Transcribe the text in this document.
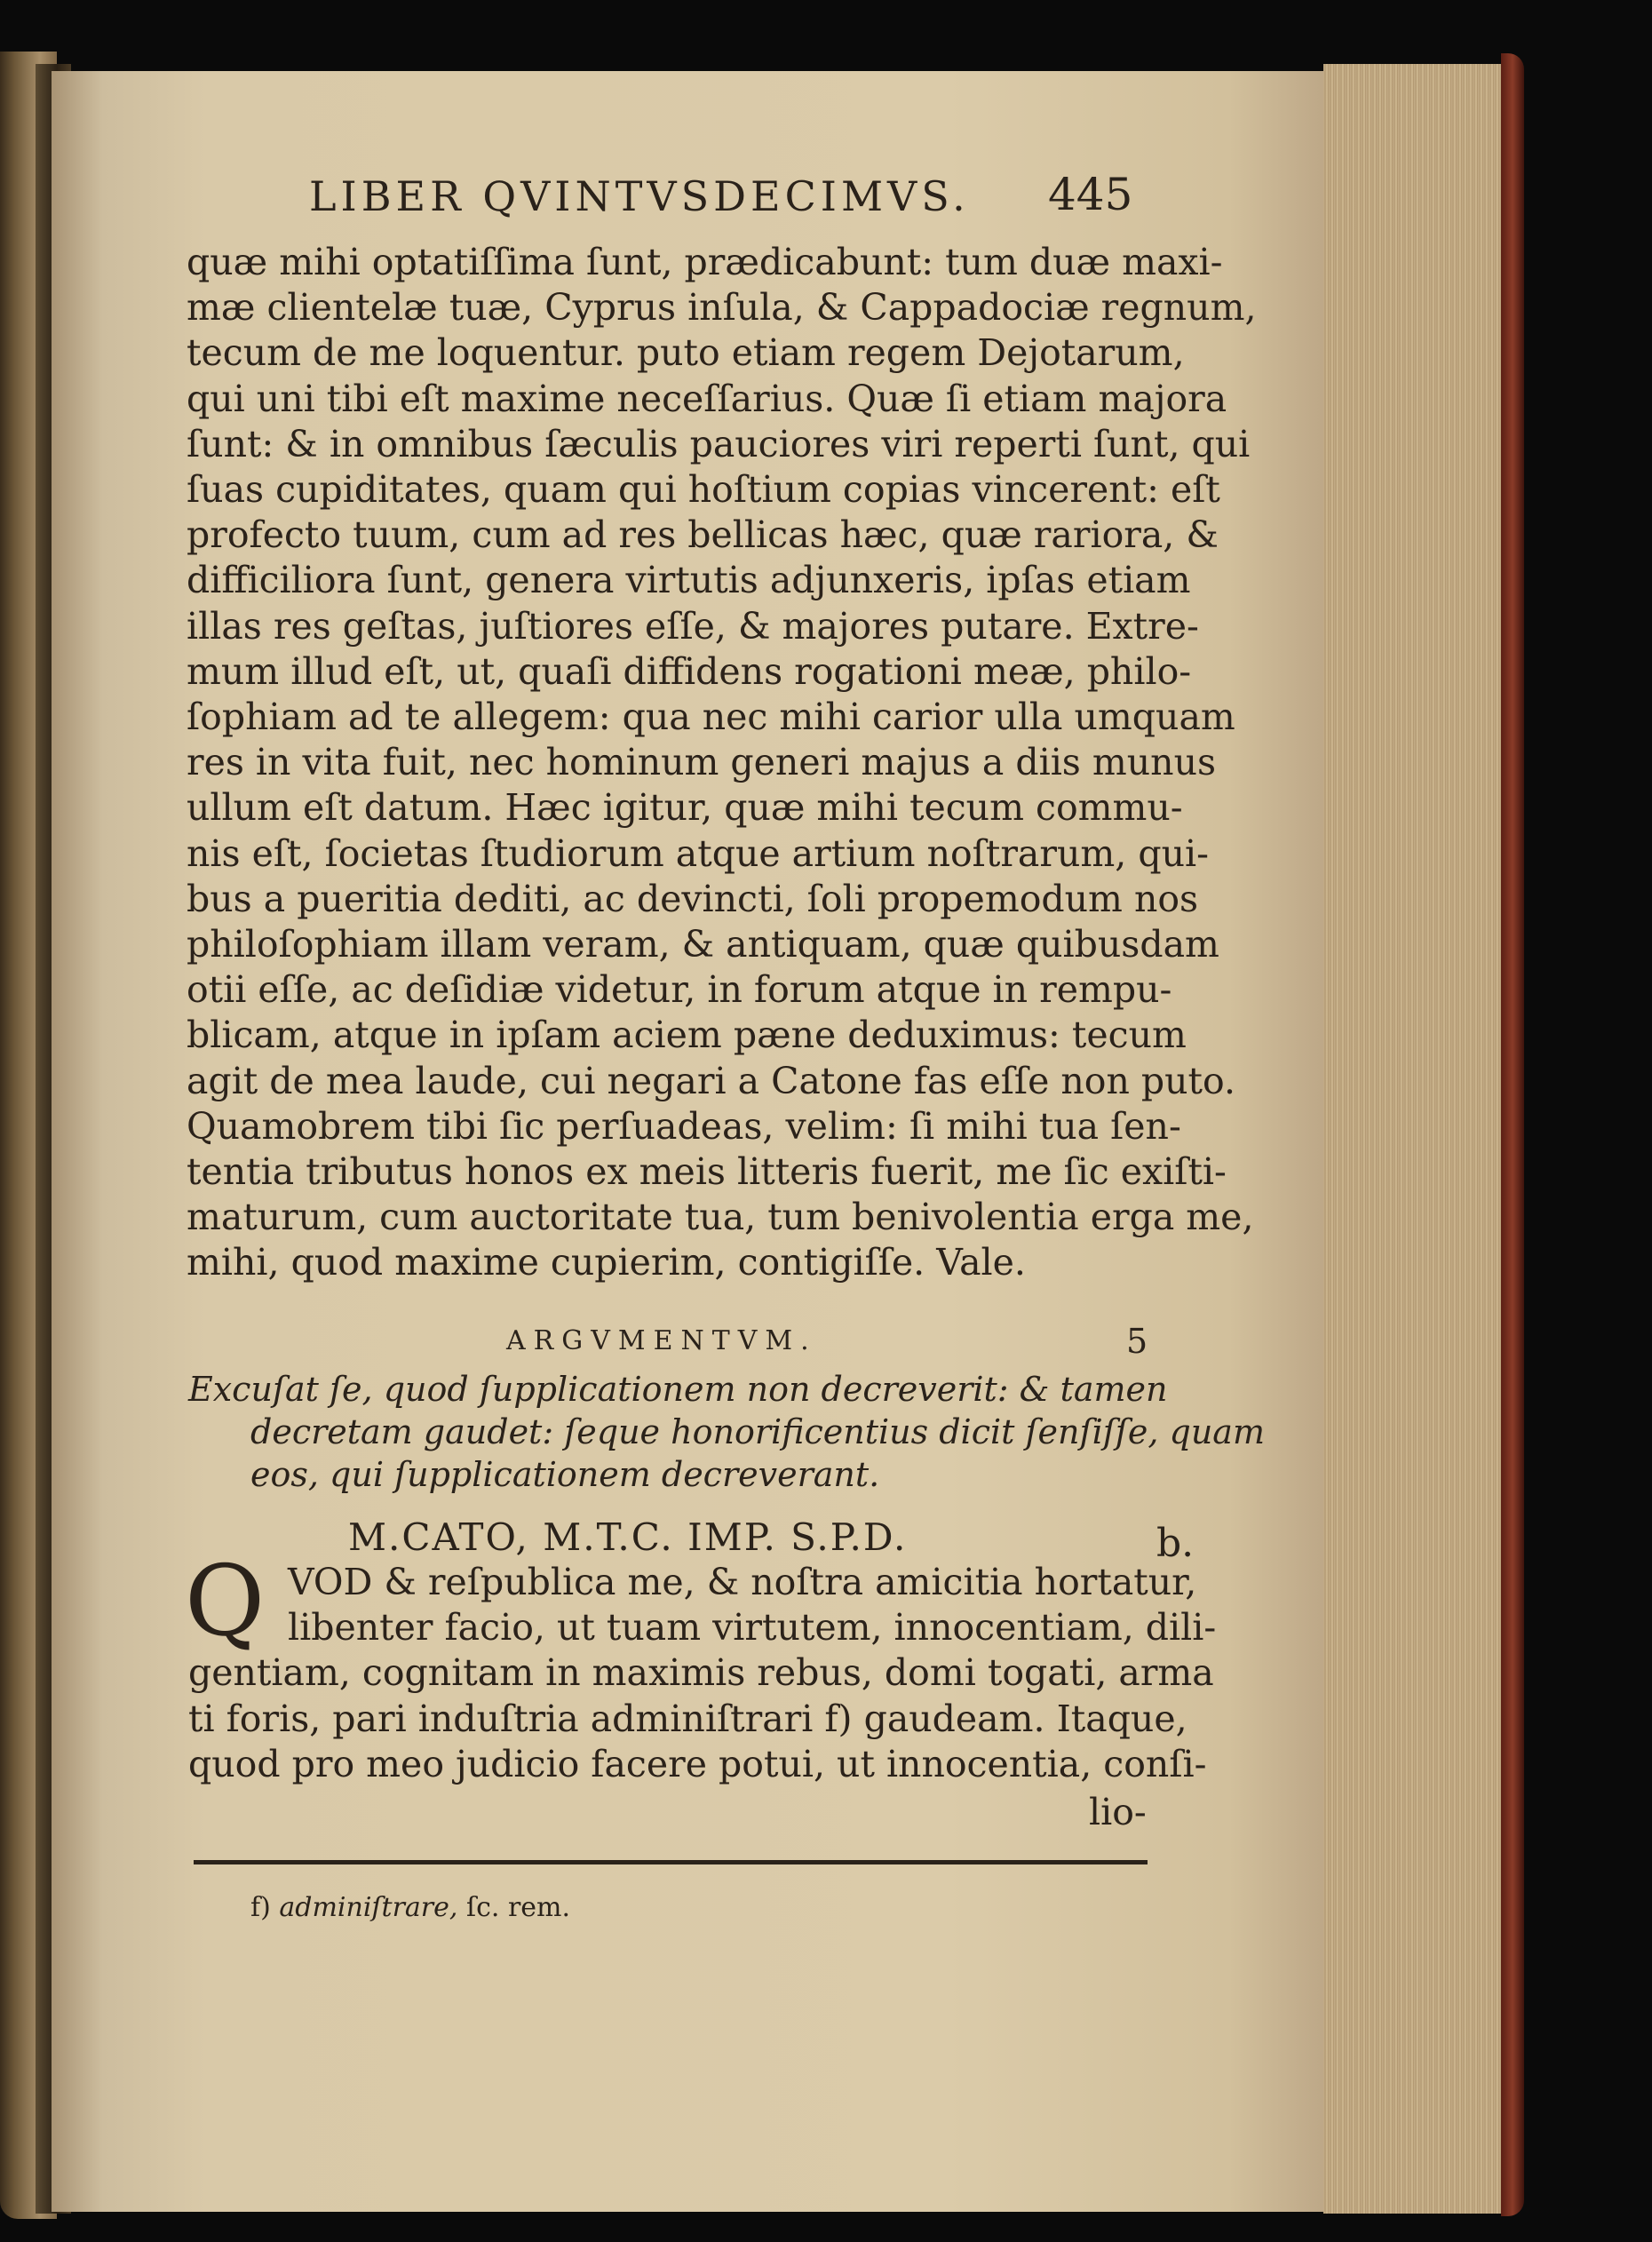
LIBER QVINTVSDECIMVS. 445
quæ mihi optatiſſima ſunt, prædicabunt: tum duæ maxi-
mæ clientelæ tuæ, Cyprus inſula, & Cappadociæ regnum,
tecum de me loquentur. puto etiam regem Dejotarum,
qui uni tibi eſt maxime neceſſarius. Quæ ſi etiam majora
ſunt: & in omnibus ſæculis pauciores viri reperti ſunt, qui
ſuas cupiditates, quam qui hoſtium copias vincerent: eſt
profecto tuum, cum ad res bellicas hæc, quæ rariora, &
difficiliora ſunt, genera virtutis adjunxeris, ipſas etiam
illas res geſtas, juſtiores eſſe, & majores putare. Extre-
mum illud eſt, ut, quaſi diffidens rogationi meæ, philo-
ſophiam ad te allegem: qua nec mihi carior ulla umquam
res in vita fuit, nec hominum generi majus a diis munus
ullum eſt datum. Hæc igitur, quæ mihi tecum commu-
nis eſt, ſocietas ſtudiorum atque artium noſtrarum, qui-
bus a pueritia dediti, ac devincti, ſoli propemodum nos
philoſophiam illam veram, & antiquam, quæ quibusdam
otii eſſe, ac deſidiæ videtur, in forum atque in rempu-
blicam, atque in ipſam aciem pæne deduximus: tecum
agit de mea laude, cui negari a Catone fas eſſe non puto.
Quamobrem tibi ſic perſuadeas, velim: ſi mihi tua ſen-
tentia tributus honos ex meis litteris fuerit, me ſic exiſti-
maturum, cum auctoritate tua, tum benivolentia erga me,
mihi, quod maxime cupierim, contigiſſe. Vale.
ARGVMENTVM.	5
Excuſat ſe, quod ſupplicationem non decreverit: & tamen
decretam gaudet: ſeque honorificentius dicit ſenſiſſe, quam
eos, qui ſupplicationem decreverant.
M.CATO, M.T.C. IMP. S.P.D.	b.
Q VOD & reſpublica me, & noſtra amicitia hortatur,
libenter facio, ut tuam virtutem, innocentiam, dili-
gentiam, cognitam in maximis rebus, domi togati, arma
ti foris, pari induſtria adminiſtrari f) gaudeam. Itaque,
quod pro meo judicio facere potui, ut innocentia, conſi-
lio-
f) adminiſtrare, ſc. rem.
